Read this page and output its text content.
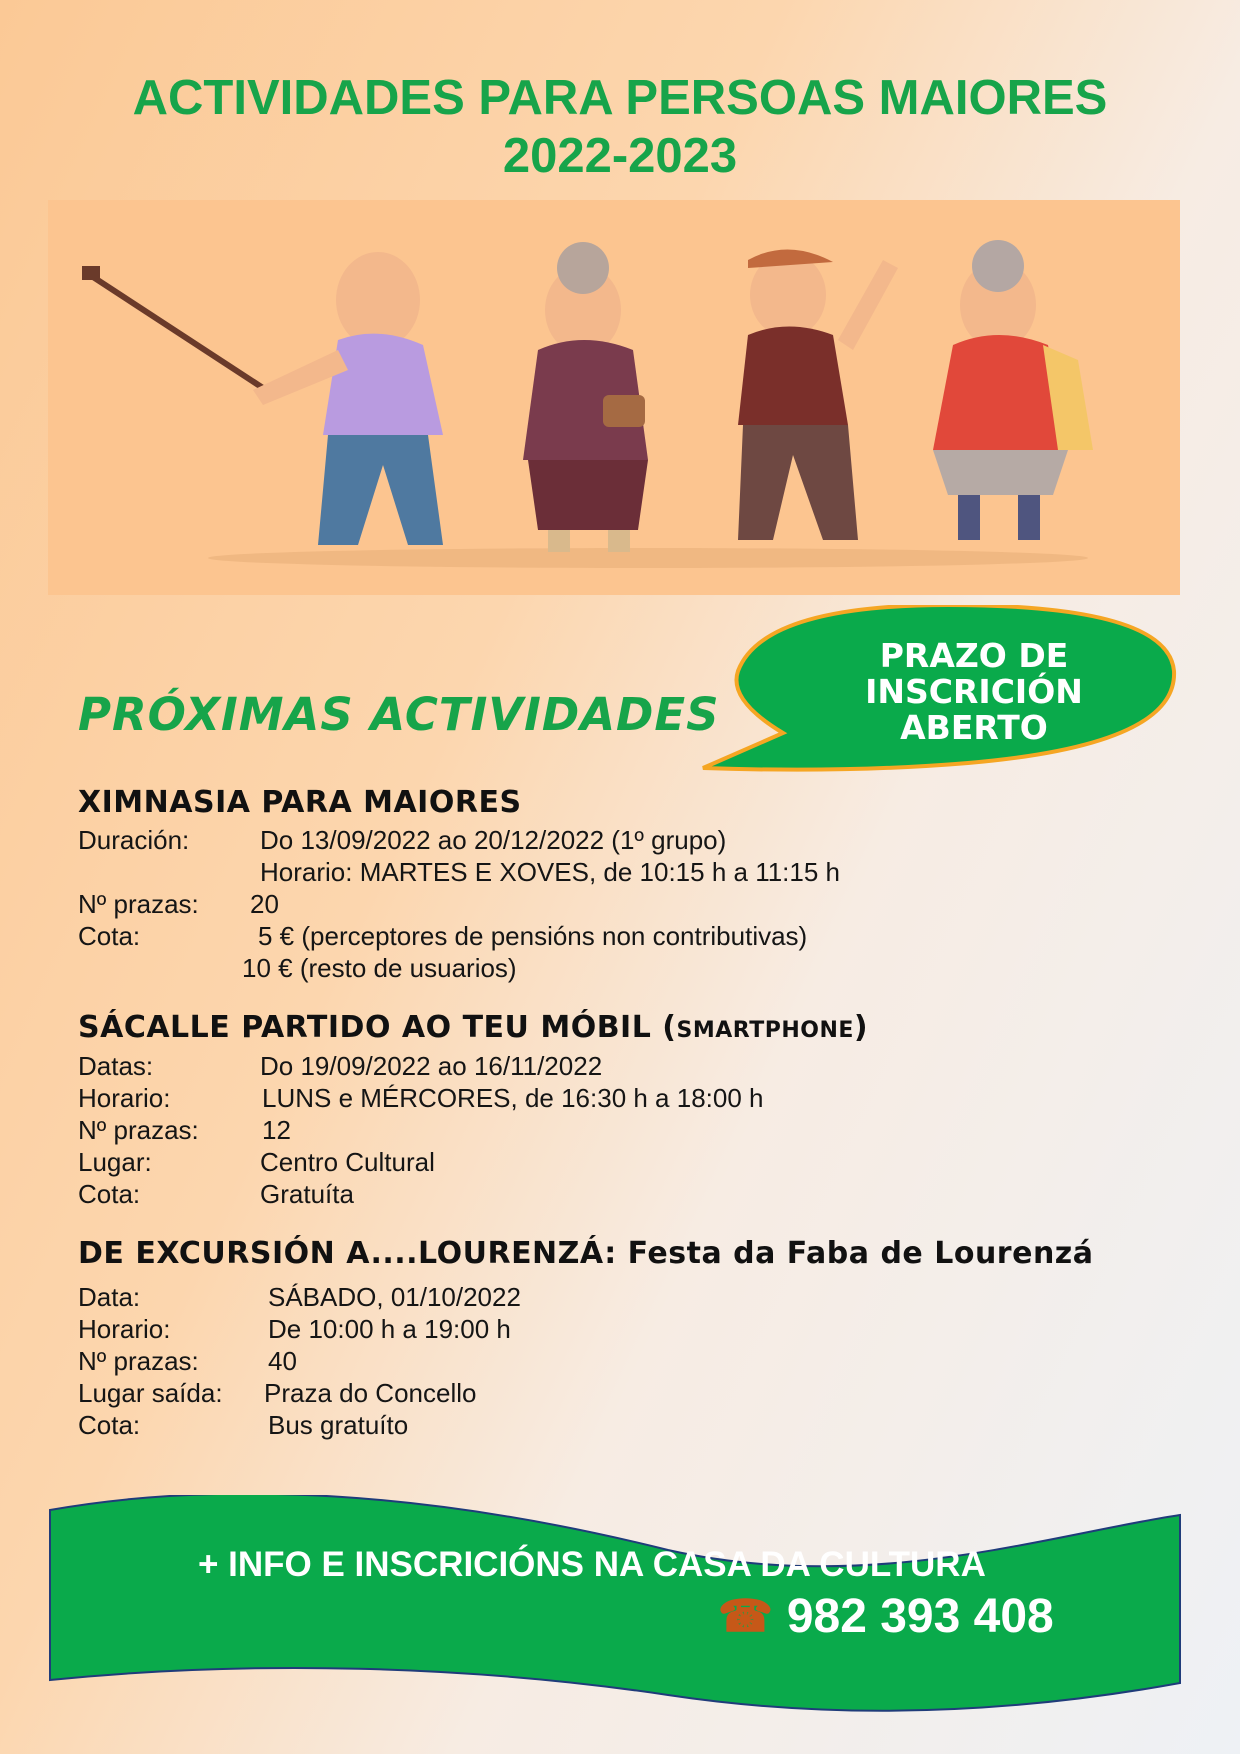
ACTIVIDADES PARA PERSOAS MAIORES
2022-2023
PRÓXIMAS ACTIVIDADES
PRAZO DE
INSCRICIÓN
ABERTO
XIMNASIA PARA MAIORES
Duración:	Do 13/09/2022 ao 20/12/2022 (1º grupo)
Horario: MARTES E XOVES, de 10:15 h a 11:15 h
Nº prazas: 20
Cota:	5 € (perceptores de pensións non contributivas)
10 € (resto de usuarios)
SÁCALLE PARTIDO AO TEU MÓBIL (SMARTPHONE)
Datas:	Do 19/09/2022 ao 16/11/2022
Horario:	LUNS e MÉRCORES, de 16:30 h a 18:00 h
Nº prazas: 12
Lugar:	Centro Cultural
Cota:	Gratuíta
DE EXCURSIÓN A....LOURENZÁ: Festa da Faba de Lourenzá
Data:	SÁBADO, 01/10/2022
Horario:	De 10:00 h a 19:00 h
Nº prazas:	40
Lugar saída: Praza do Concello
Cota:	Bus gratuíto
+ INFO E INSCRICIÓNS NA CASA DA CULTURA
☎ 982 393 408
